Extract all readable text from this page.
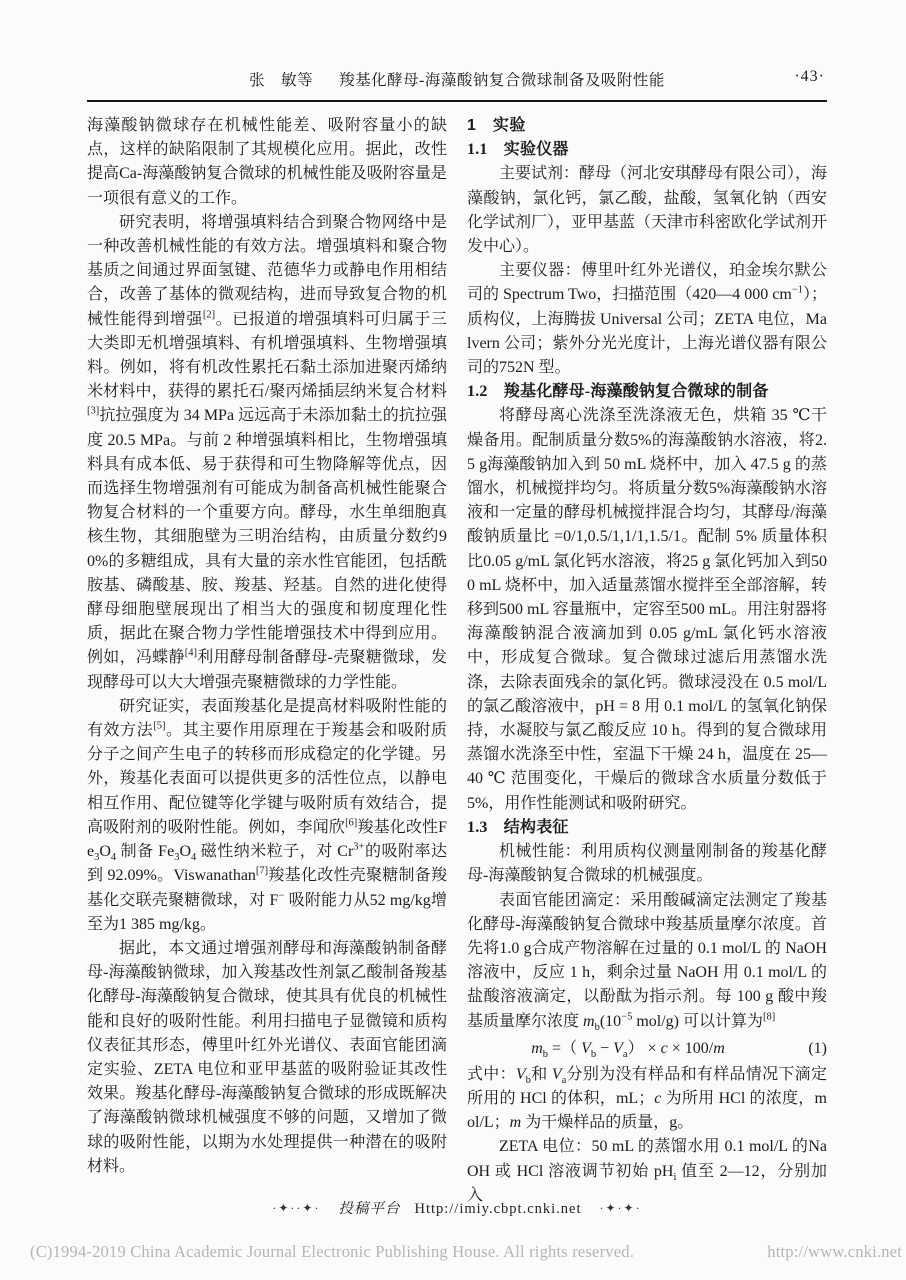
张　敏等 羧基化酵母-海藻酸钠复合微球制备及吸附性能	·43·

海藻酸钠微球存在机械性能差、吸附容量小的缺点，这样的缺陷限制了其规模化应用。据此，改性提高Ca-海藻酸钠复合微球的机械性能及吸附容量是一项很有意义的工作。

研究表明，将增强填料结合到聚合物网络中是一种改善机械性能的有效方法。增强填料和聚合物基质之间通过界面氢键、范德华力或静电作用相结合，改善了基体的微观结构，进而导致复合物的机械性能得到增强[2]。已报道的增强填料可归属于三大类即无机增强填料、有机增强填料、生物增强填料。例如，将有机改性累托石黏土添加进聚丙烯纳米材料中，获得的累托石/聚丙烯插层纳米复合材料[3]抗拉强度为 34 MPa 远远高于未添加黏土的抗拉强度 20.5 MPa。与前 2 种增强填料相比，生物增强填料具有成本低、易于获得和可生物降解等优点，因而选择生物增强剂有可能成为制备高机械性能聚合物复合材料的一个重要方向。酵母，水生单细胞真核生物，其细胞壁为三明治结构，由质量分数约90%的多糖组成，具有大量的亲水性官能团，包括酰胺基、磷酸基、胺、羧基、羟基。自然的进化使得酵母细胞壁展现出了相当大的强度和韧度理化性质，据此在聚合物力学性能增强技术中得到应用。例如，冯蝶静[4]利用酵母制备酵母-壳聚糖微球，发现酵母可以大大增强壳聚糖微球的力学性能。

研究证实，表面羧基化是提高材料吸附性能的有效方法[5]。其主要作用原理在于羧基会和吸附质分子之间产生电子的转移而形成稳定的化学键。另外，羧基化表面可以提供更多的活性位点，以静电相互作用、配位键等化学键与吸附质有效结合，提高吸附剂的吸附性能。例如，李闻欣[6]羧基化改性$Fe_3O_4$ 制备 $Fe_3O_4$ 磁性纳米粒子，对 $Cr^{3+}$的吸附率达到 92.09%。Viswanathan[7]羧基化改性壳聚糖制备羧基化交联壳聚糖微球，对 F− 吸附能力从52 mg/kg增至为1 385 mg/kg。

据此，本文通过增强剂酵母和海藻酸钠制备酵母-海藻酸钠微球，加入羧基改性剂氯乙酸制备羧基化酵母-海藻酸钠复合微球，使其具有优良的机械性能和良好的吸附性能。利用扫描电子显微镜和质构仪表征其形态，傅里叶红外光谱仪、表面官能团滴定实验、ZETA 电位和亚甲基蓝的吸附验证其改性效果。羧基化酵母-海藻酸钠复合微球的形成既解决了海藻酸钠微球机械强度不够的问题，又增加了微球的吸附性能，以期为水处理提供一种潜在的吸附材料。

1　实验

1.1　实验仪器

主要试剂：酵母（河北安琪酵母有限公司），海藻酸钠，氯化钙，氯乙酸，盐酸，氢氧化钠（西安化学试剂厂），亚甲基蓝（天津市科密欧化学试剂开发中心）。

主要仪器：傅里叶红外光谱仪，珀金埃尔默公司的 Spectrum Two，扫描范围（420—4 000 $cm^{-1}$）；质构仪，上海腾拔 Universal 公司；ZETA 电位，Malvern 公司；紫外分光光度计，上海光谱仪器有限公司的752N 型。

1.2　羧基化酵母-海藻酸钠复合微球的制备

将酵母离心洗涤至洗涤液无色，烘箱 35 ℃干燥备用。配制质量分数5%的海藻酸钠水溶液，将2.5 g海藻酸钠加入到 50 mL 烧杯中，加入 47.5 g 的蒸馏水，机械搅拌均匀。将质量分数5%海藻酸钠水溶液和一定量的酵母机械搅拌混合均匀，其酵母/海藻酸钠质量比 =0/1,0.5/1,1/1,1.5/1。配制 5% 质量体积比0.05 g/mL 氯化钙水溶液，将25 g 氯化钙加入到500 mL 烧杯中，加入适量蒸馏水搅拌至全部溶解，转移到500 mL 容量瓶中，定容至500 mL。用注射器将海藻酸钠混合液滴加到 0.05 g/mL 氯化钙水溶液中，形成复合微球。复合微球过滤后用蒸馏水洗涤，去除表面残余的氯化钙。微球浸没在 0.5 mol/L 的氯乙酸溶液中，pH = 8 用 0.1 mol/L 的氢氧化钠保持，水凝胶与氯乙酸反应 10 h。得到的复合微球用蒸馏水洗涤至中性，室温下干燥 24 h，温度在 25—40 ℃ 范围变化，干燥后的微球含水质量分数低于 5%，用作性能测试和吸附研究。

1.3　结构表征

机械性能：利用质构仪测量刚制备的羧基化酵母-海藻酸钠复合微球的机械强度。

表面官能团滴定：采用酸碱滴定法测定了羧基化酵母-海藻酸钠复合微球中羧基质量摩尔浓度。首先将1.0 g合成产物溶解在过量的 0.1 mol/L 的 NaOH 溶液中，反应 1 h，剩余过量 NaOH 用 0.1 mol/L 的盐酸溶液滴定，以酚酞为指示剂。每 100 g 酸中羧基质量摩尔浓度 $m_b(10^{-5}$ mol/g) 可以计算为[8]

$m_b$ =（ $V_b - V_a) \times c \times 100/m$	(1)

式中：$V_b$和 $V_a$分别为没有样品和有样品情况下滴定所用的 HCl 的体积，mL；c 为所用 HCl 的浓度，mol/L；m 为干燥样品的质量，g。

ZETA 电位：50 mL 的蒸馏水用 0.1 mol/L 的NaOH 或 HCl 溶液调节初始 $pH_i$ 值至 2—12，分别加入

·✦··✦· 投稿平台 Http://imiy.cbpt.cnki.net ·✦·✦·
(C)1994-2019 China Academic Journal Electronic Publishing House. All rights reserved.	http://www.cnki.net
